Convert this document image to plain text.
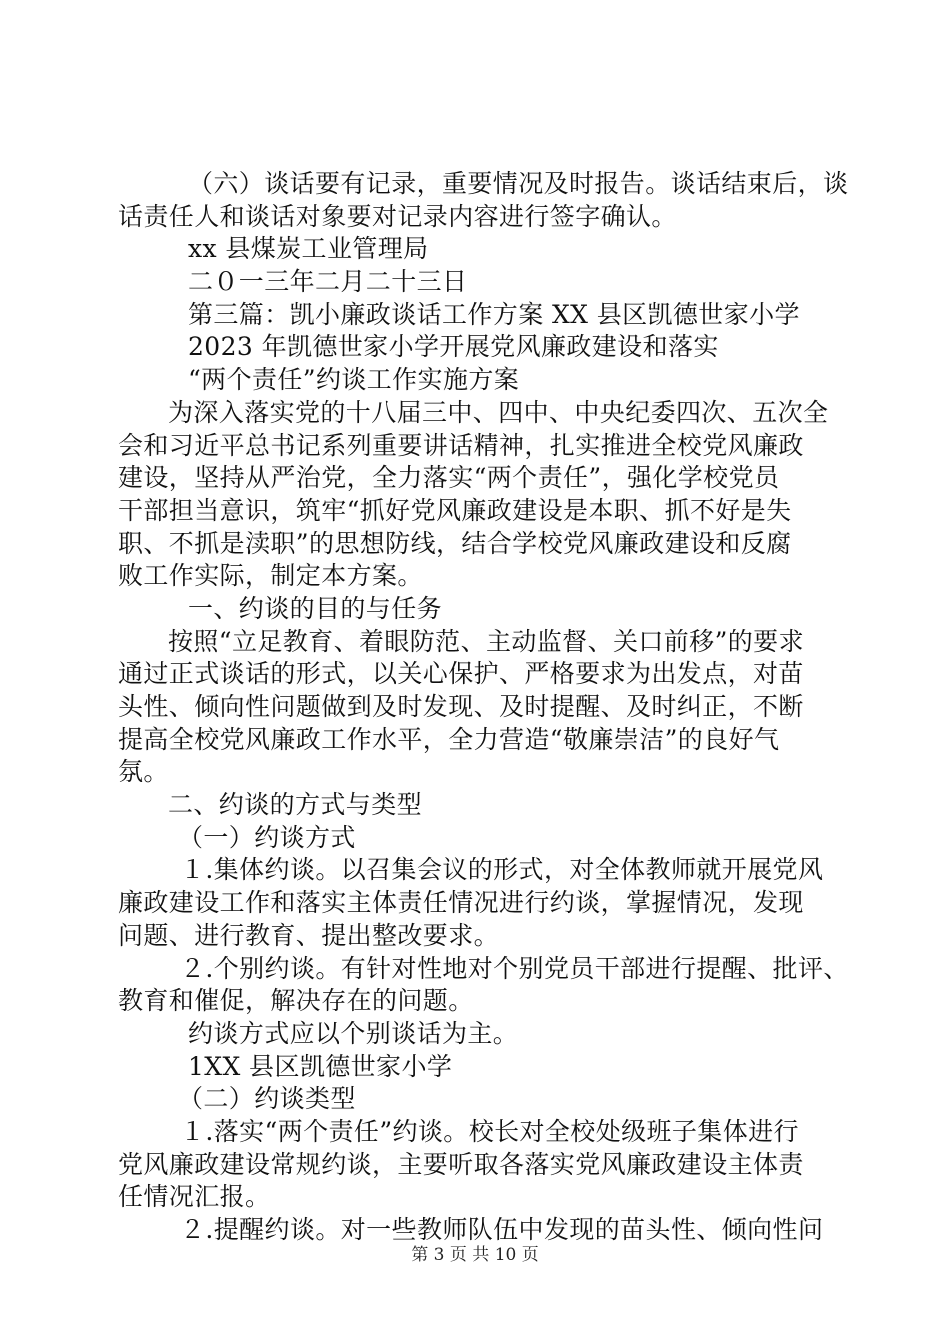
（六）谈话要有记录，重要情况及时报告。谈话结束后，谈
话责任人和谈话对象要对记录内容进行签字确认。
xx 县煤炭工业管理局
二０一三年二月二十三日
第三篇：凯小廉政谈话工作方案 XX 县区凯德世家小学
2023 年凯德世家小学开展党风廉政建设和落实
“两个责任”约谈工作实施方案
为深入落实党的十八届三中、四中、中央纪委四次、五次全
会和习近平总书记系列重要讲话精神，扎实推进全校党风廉政
建设，坚持从严治党，全力落实“两个责任”，强化学校党员
干部担当意识，筑牢“抓好党风廉政建设是本职、抓不好是失
职、不抓是渎职”的思想防线，结合学校党风廉政建设和反腐
败工作实际，制定本方案。
一、约谈的目的与任务
按照“立足教育、着眼防范、主动监督、关口前移”的要求
通过正式谈话的形式，以关心保护、严格要求为出发点，对苗
头性、倾向性问题做到及时发现、及时提醒、及时纠正，不断
提高全校党风廉政工作水平，全力营造“敬廉崇洁”的良好气
氛。
二、约谈的方式与类型
（一）约谈方式
１.集体约谈。以召集会议的形式，对全体教师就开展党风
廉政建设工作和落实主体责任情况进行约谈，掌握情况，发现
问题、进行教育、提出整改要求。
２.个别约谈。有针对性地对个别党员干部进行提醒、批评、
教育和催促，解决存在的问题。
约谈方式应以个别谈话为主。
1XX 县区凯德世家小学
（二）约谈类型
１.落实“两个责任”约谈。校长对全校处级班子集体进行
党风廉政建设常规约谈，主要听取各落实党风廉政建设主体责
任情况汇报。
２.提醒约谈。对一些教师队伍中发现的苗头性、倾向性问
第 3 页 共 10 页
